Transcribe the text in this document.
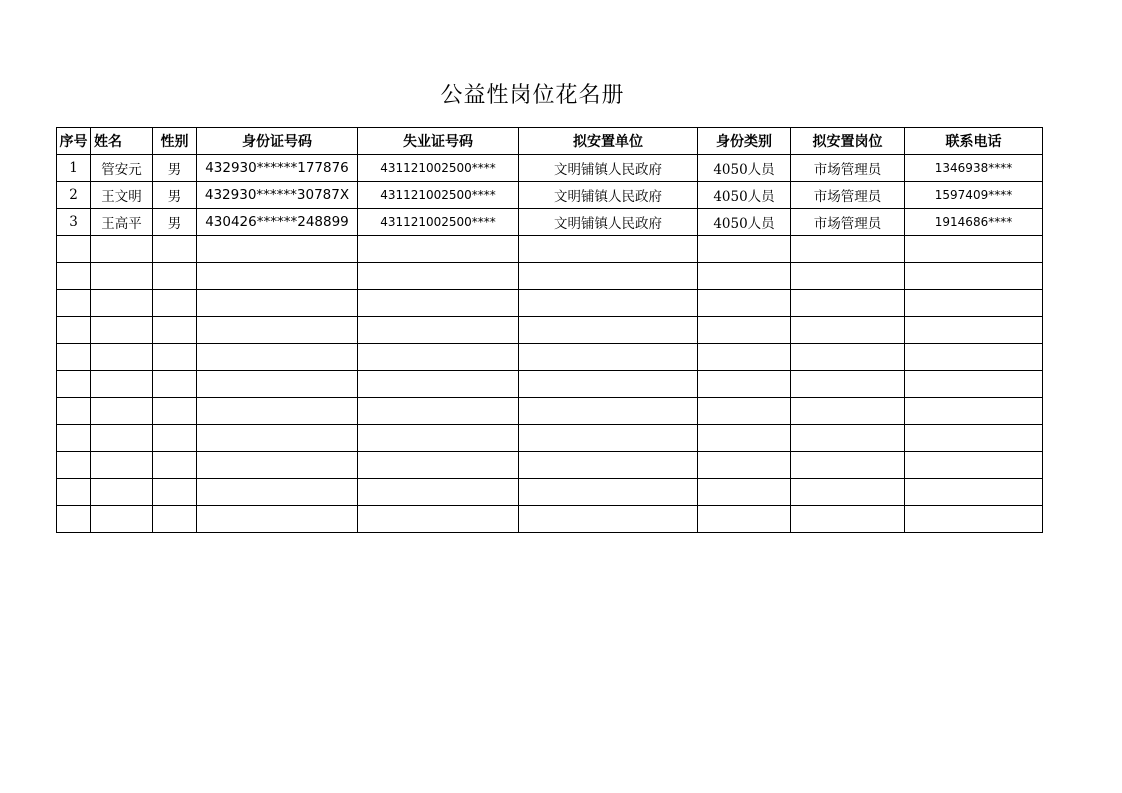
公益性岗位花名册
序号	姓名	性别	身份证号码	失业证号码	拟安置单位	身份类别	拟安置岗位	联系电话
1	管安元	男	432930******177876	431121002500****	文明铺镇人民政府	4050人员	市场管理员	1346938****
2	王文明	男	432930******30787X	431121002500****	文明铺镇人民政府	4050人员	市场管理员	1597409****
3	王高平	男	430426******248899	431121002500****	文明铺镇人民政府	4050人员	市场管理员	1914686****
